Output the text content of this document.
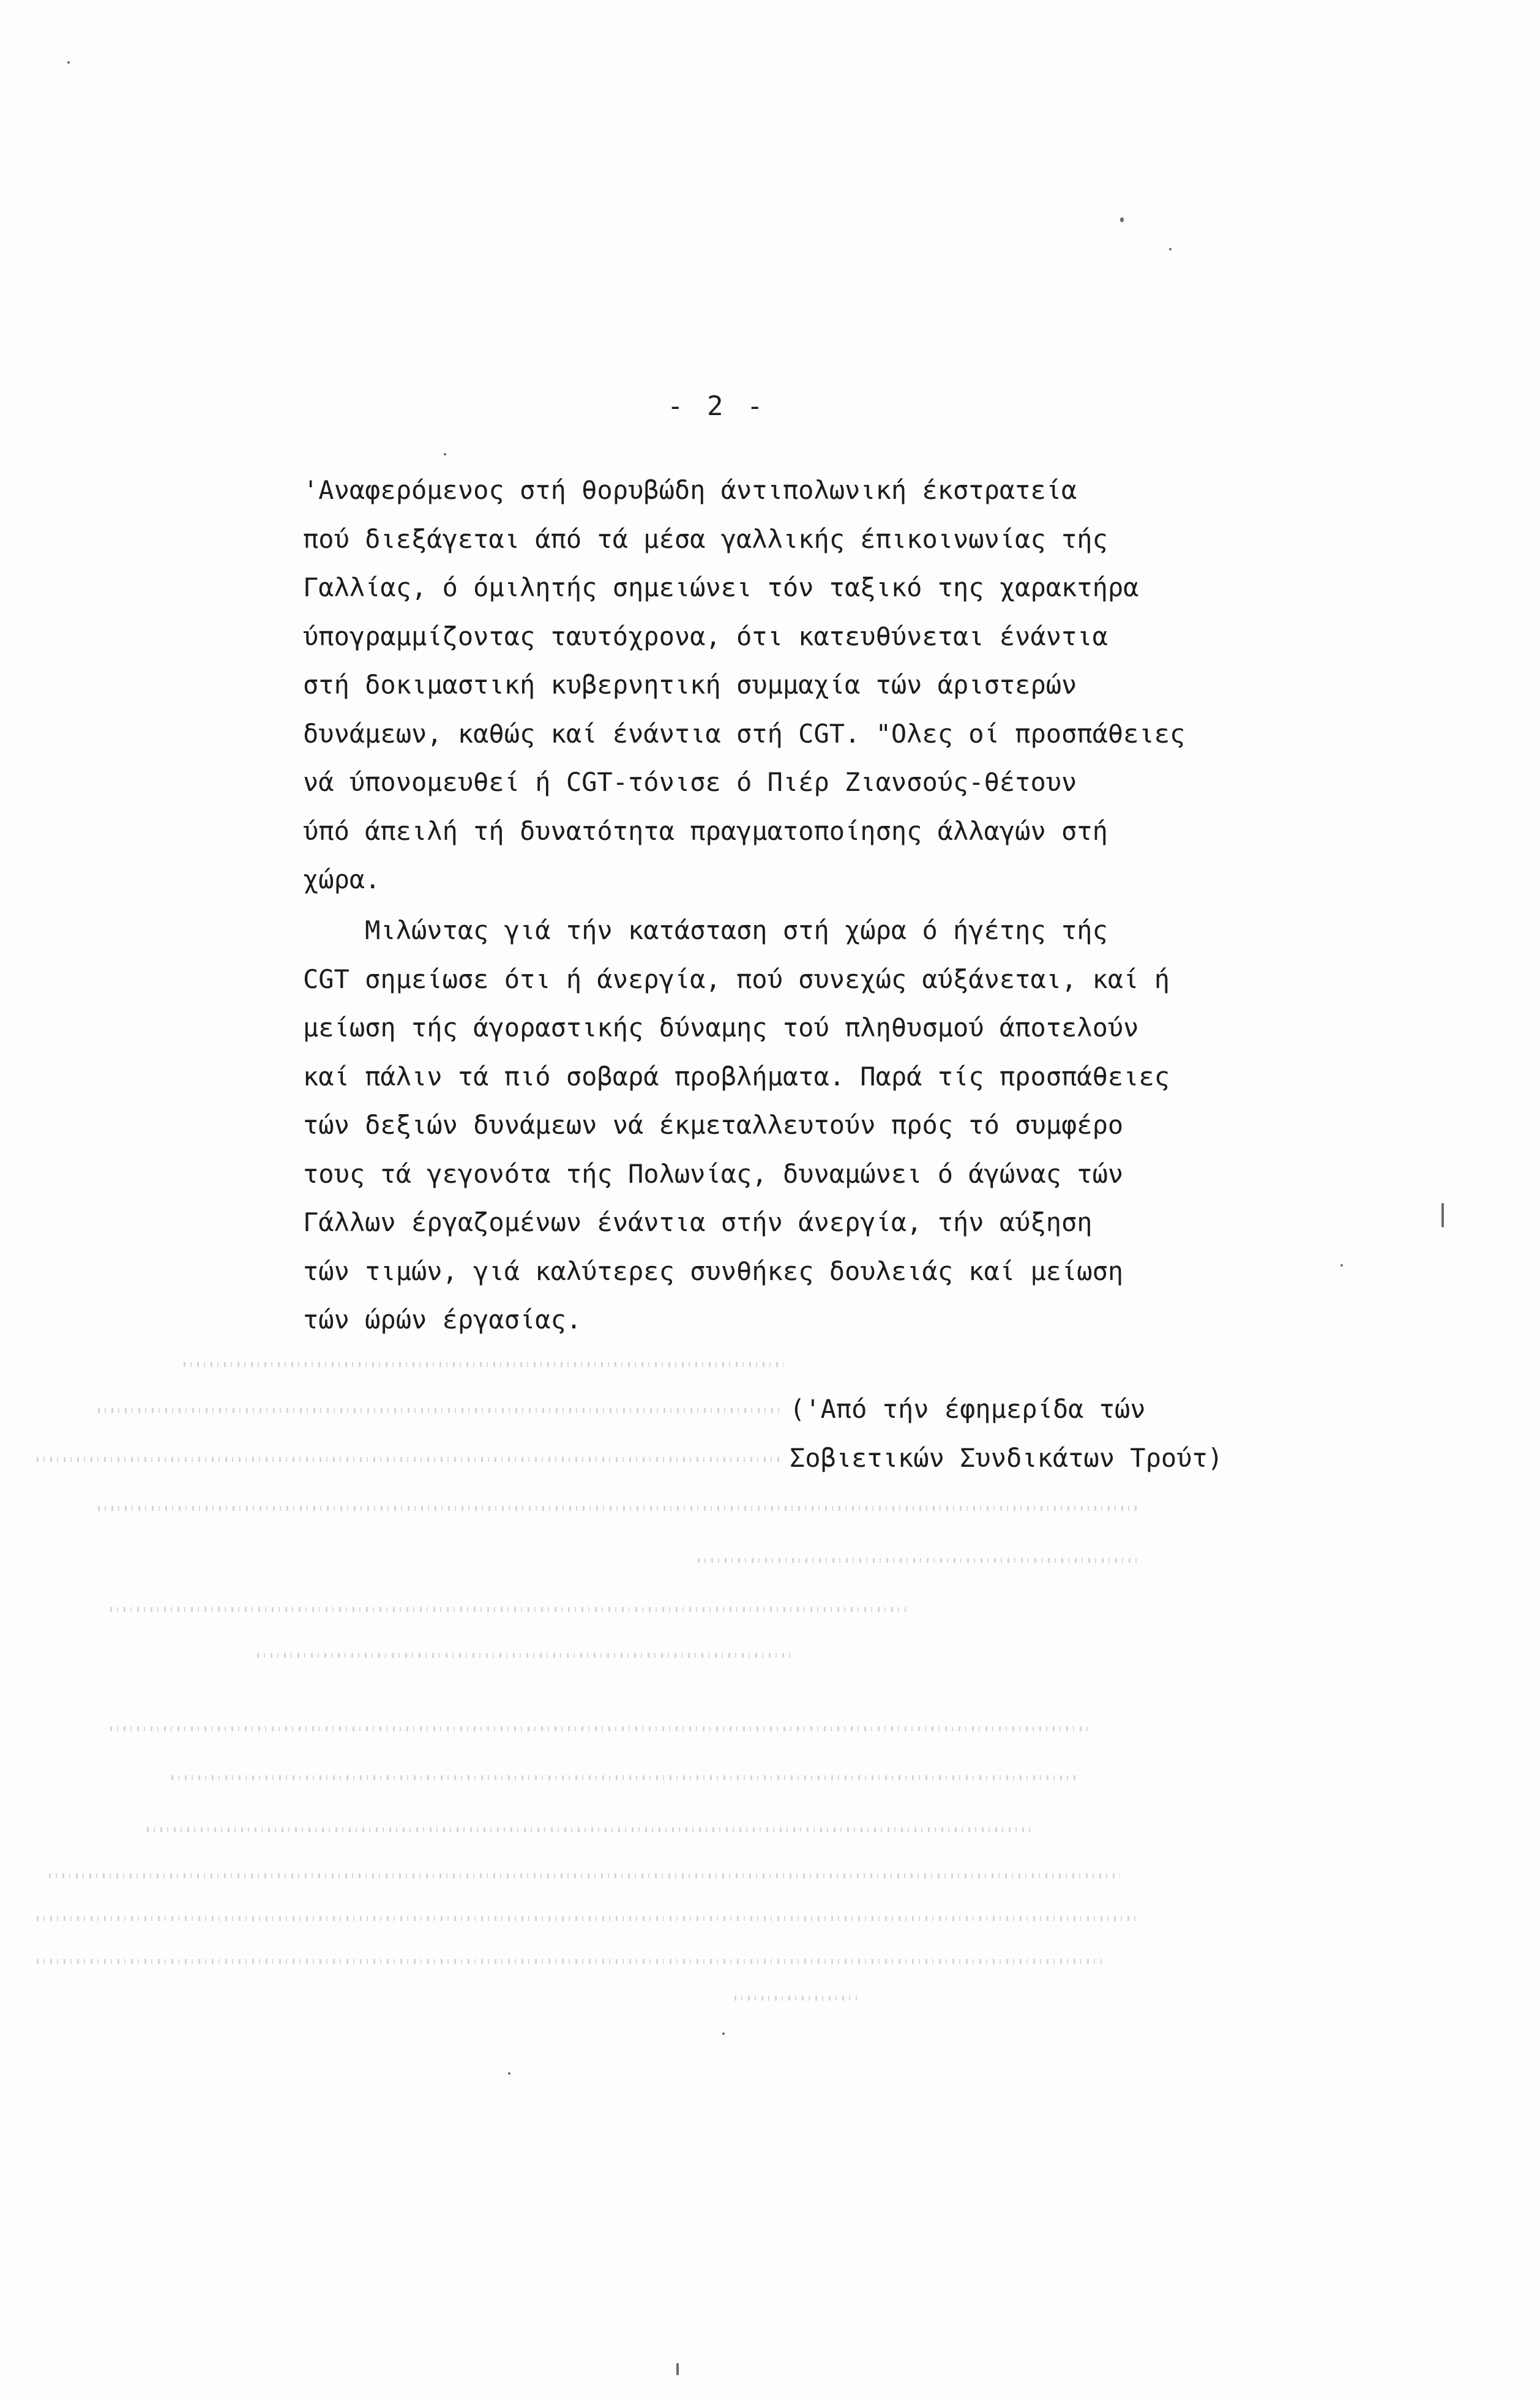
- 2 -

'Αναφερόμενος στή θορυβώδη άντιπολωνική έκστρατεία
πού διεξάγεται άπό τά μέσα γαλλικής έπικοινωνίας τής
Γαλλίας, ό όμιλητής σημειώνει τόν ταξικό της χαρακτήρα
ύπογραμμίζοντας ταυτόχρονα, ότι κατευθύνεται ένάντια
στή δοκιμαστική κυβερνητική συμμαχία τών άριστερών
δυνάμεων, καθώς καί ένάντια στή CGT. "Ολες οί προσπάθειες
νά ύπονομευθεί ή CGT-τόνισε ό Πιέρ Ζιανσούς-θέτουν
ύπό άπειλή τή δυνατότητα πραγματοποίησης άλλαγών στή
χώρα.

Μιλώντας γιά τήν κατάσταση στή χώρα ό ήγέτης τής
CGT σημείωσε ότι ή άνεργία, πού συνεχώς αύξάνεται, καί ή
μείωση τής άγοραστικής δύναμης τού πληθυσμού άποτελούν
καί πάλιν τά πιό σοβαρά προβλήματα. Παρά τίς προσπάθειες
τών δεξιών δυνάμεων νά έκμεταλλευτούν πρός τό συμφέρο
τους τά γεγονότα τής Πολωνίας, δυναμώνει ό άγώνας τών
Γάλλων έργαζομένων ένάντια στήν άνεργία, τήν αύξηση
τών τιμών, γιά καλύτερες συνθήκες δουλειάς καί μείωση
τών ώρών έργασίας.

('Από τήν έφημερίδα τών
Σοβιετικών Συνδικάτων Τρούτ)
